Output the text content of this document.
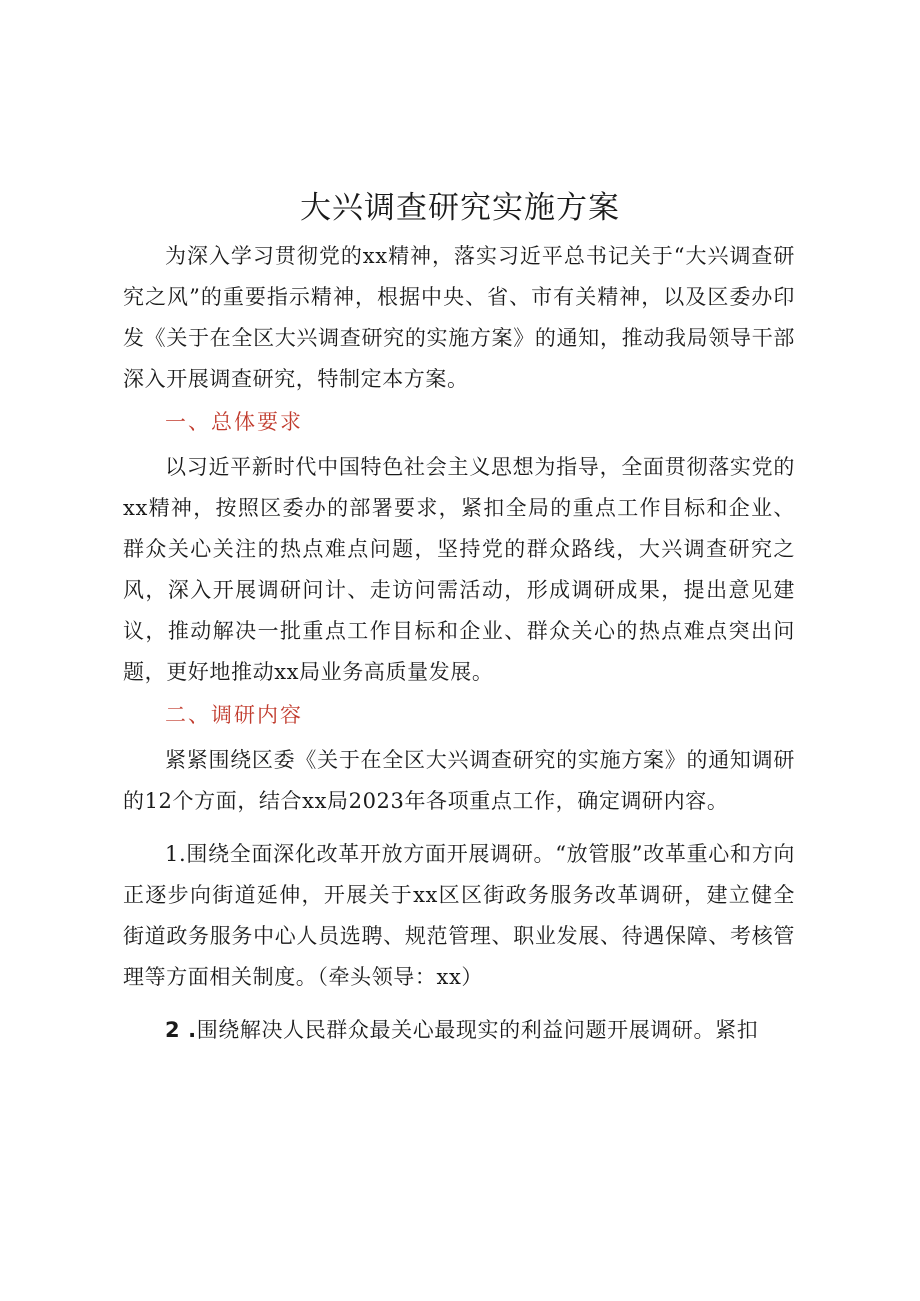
大兴调查研究实施方案

为深入学习贯彻党的xx精神，落实习近平总书记关于“大兴调查研究之风”的重要指示精神，根据中央、省、市有关精神，以及区委办印发《关于在全区大兴调查研究的实施方案》的通知，推动我局领导干部深入开展调查研究，特制定本方案。

一、总体要求

以习近平新时代中国特色社会主义思想为指导，全面贯彻落实党的xx精神，按照区委办的部署要求，紧扣全局的重点工作目标和企业、群众关心关注的热点难点问题，坚持党的群众路线，大兴调查研究之风，深入开展调研问计、走访问需活动，形成调研成果，提出意见建议，推动解决一批重点工作目标和企业、群众关心的热点难点突出问题，更好地推动xx局业务高质量发展。

二、调研内容

紧紧围绕区委《关于在全区大兴调查研究的实施方案》的通知调研的12个方面，结合xx局2023年各项重点工作，确定调研内容。

1.围绕全面深化改革开放方面开展调研。“放管服”改革重心和方向正逐步向街道延伸，开展关于xx区区街政务服务改革调研，建立健全街道政务服务中心人员选聘、规范管理、职业发展、待遇保障、考核管理等方面相关制度。（牵头领导：xx）

2 .围绕解决人民群众最关心最现实的利益问题开展调研。紧扣
